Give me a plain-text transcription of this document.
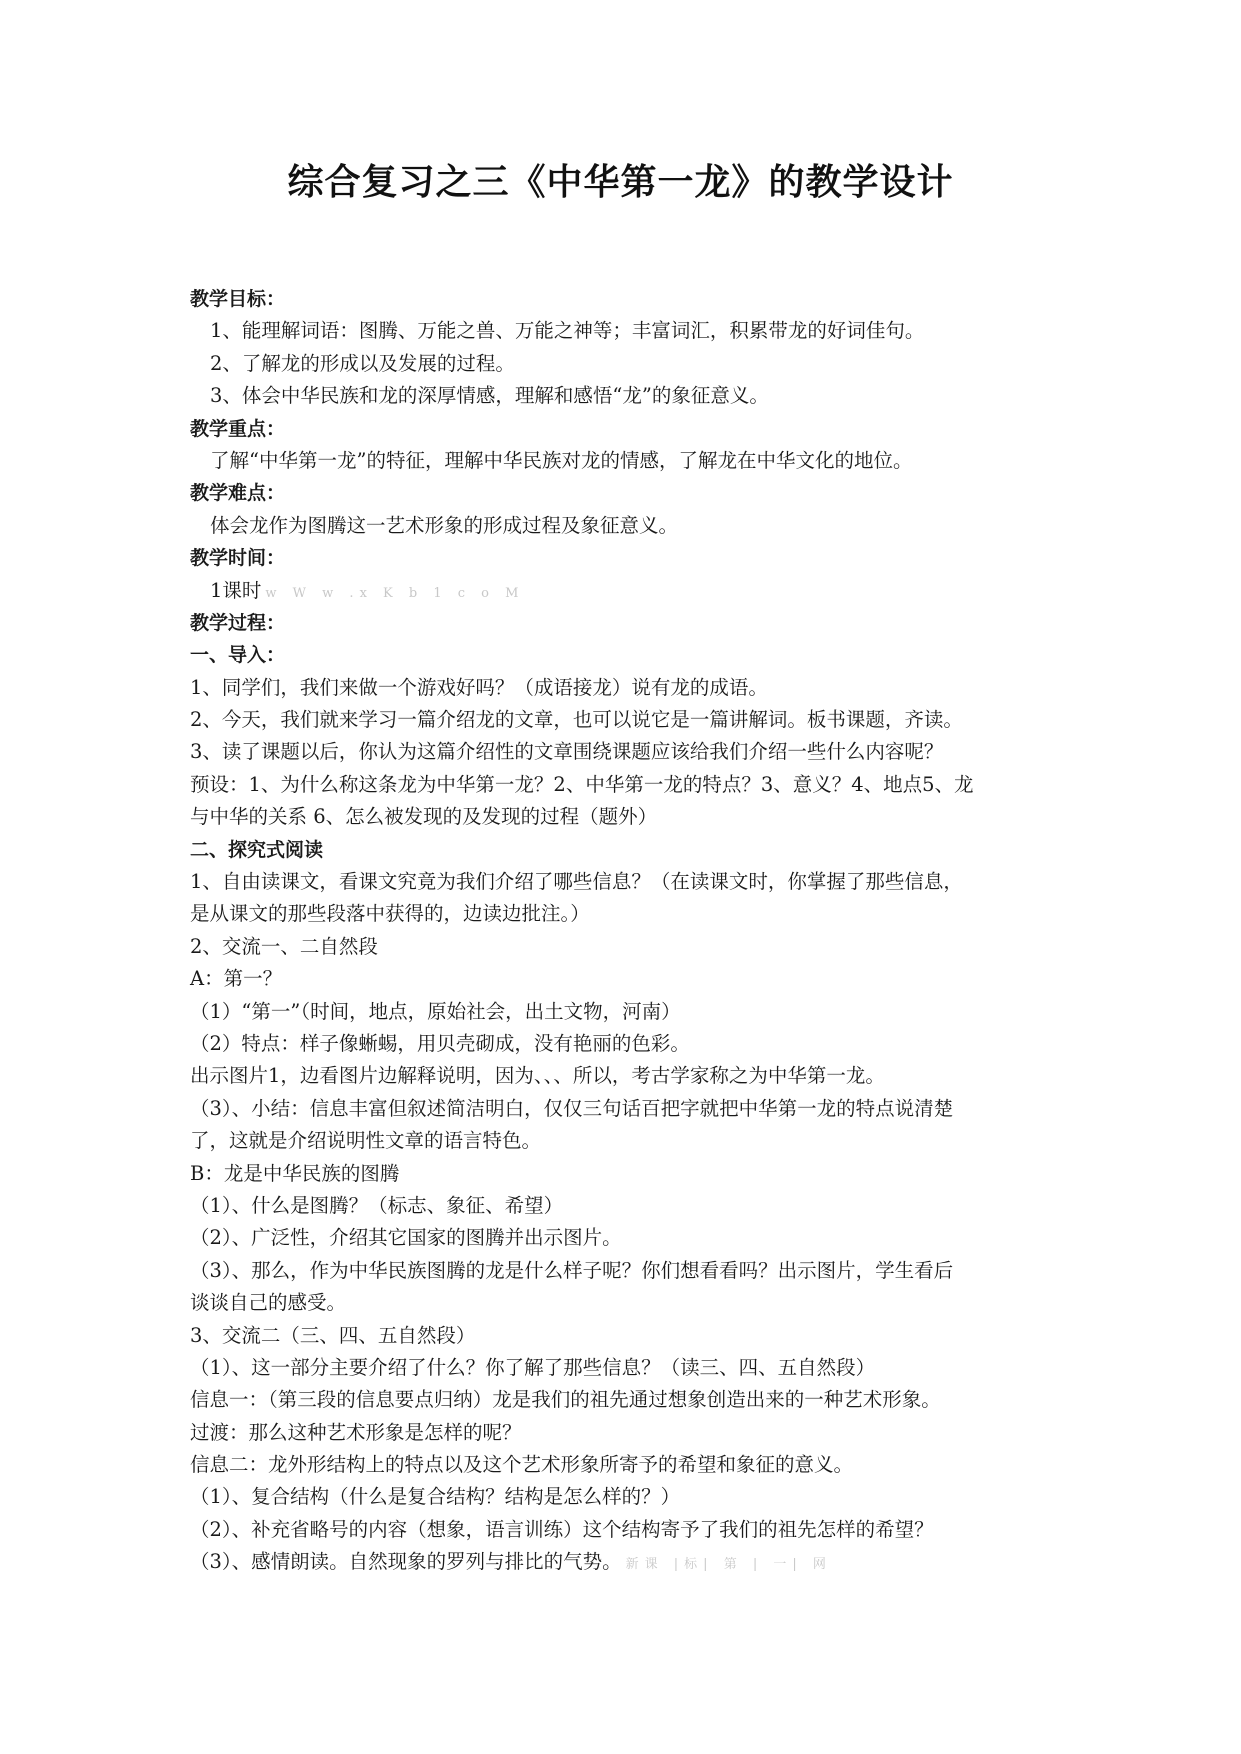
综合复习之三《中华第一龙》的教学设计
教学目标：
1、能理解词语：图腾、万能之兽、万能之神等；丰富词汇，积累带龙的好词佳句。
2、了解龙的形成以及发展的过程。
3、体会中华民族和龙的深厚情感，理解和感悟“龙”的象征意义。
教学重点：
了解“中华第一龙”的特征，理解中华民族对龙的情感，了解龙在中华文化的地位。
教学难点：
体会龙作为图腾这一艺术形象的形成过程及象征意义。
教学时间：
1课时 w W w .x K b 1 c o M
教学过程：
一、导入：
1、同学们，我们来做一个游戏好吗？（成语接龙）说有龙的成语。
2、今天，我们就来学习一篇介绍龙的文章，也可以说它是一篇讲解词。板书课题，齐读。
3、读了课题以后，你认为这篇介绍性的文章围绕课题应该给我们介绍一些什么内容呢？
预设：1、为什么称这条龙为中华第一龙？2、中华第一龙的特点？3、意义？4、地点5、龙
与中华的关系 6、怎么被发现的及发现的过程（题外）
二、探究式阅读
1、自由读课文，看课文究竟为我们介绍了哪些信息？（在读课文时，你掌握了那些信息，
是从课文的那些段落中获得的，边读边批注。）
2、交流一、二自然段
A：第一？
（1）“第一”（时间，地点，原始社会，出土文物，河南）
（2）特点：样子像蜥蜴，用贝壳砌成，没有艳丽的色彩。
出示图片1，边看图片边解释说明，因为、、、所以，考古学家称之为中华第一龙。
（3）、小结：信息丰富但叙述简洁明白，仅仅三句话百把字就把中华第一龙的特点说清楚
了，这就是介绍说明性文章的语言特色。
B：龙是中华民族的图腾
（1）、什么是图腾？（标志、象征、希望）
（2）、广泛性，介绍其它国家的图腾并出示图片。
（3）、那么，作为中华民族图腾的龙是什么样子呢？你们想看看吗？出示图片，学生看后
谈谈自己的感受。
3、交流二（三、四、五自然段）
（1）、这一部分主要介绍了什么？你了解了那些信息？（读三、四、五自然段）
信息一：（第三段的信息要点归纳）龙是我们的祖先通过想象创造出来的一种艺术形象。
过渡：那么这种艺术形象是怎样的呢？
信息二：龙外形结构上的特点以及这个艺术形象所寄予的希望和象征的意义。
（1）、复合结构（什么是复合结构？结构是怎么样的？）
（2）、补充省略号的内容（想象，语言训练）这个结构寄予了我们的祖先怎样的希望？
（3）、感情朗读。自然现象的罗列与排比的气势。 新课 |标| 第 | 一| 网
